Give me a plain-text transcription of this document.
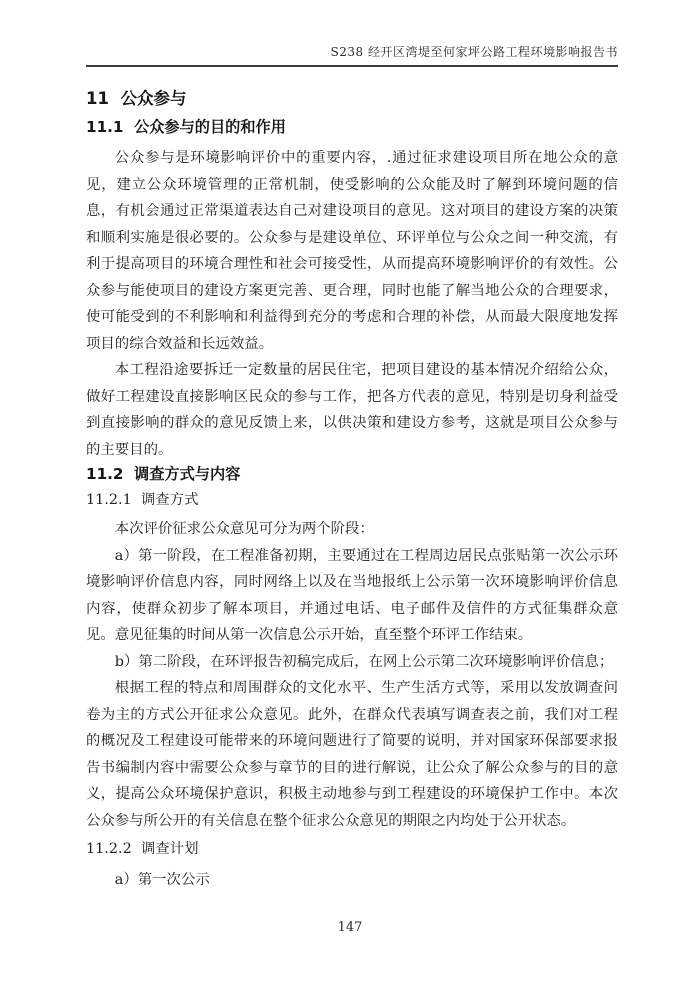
S238 经开区湾堤至何家坪公路工程环境影响报告书
11  公众参与
11.1  公众参与的目的和作用

公众参与是环境影响评价中的重要内容，.通过征求建设项目所在地公众的意见，建立公众环境管理的正常机制，使受影响的公众能及时了解到环境问题的信息，有机会通过正常渠道表达自己对建设项目的意见。这对项目的建设方案的决策和顺利实施是很必要的。公众参与是建设单位、环评单位与公众之间一种交流，有利于提高项目的环境合理性和社会可接受性，从而提高环境影响评价的有效性。公众参与能使项目的建设方案更完善、更合理，同时也能了解当地公众的合理要求，使可能受到的不利影响和利益得到充分的考虑和合理的补偿，从而最大限度地发挥项目的综合效益和长远效益。

本工程沿途要拆迁一定数量的居民住宅，把项目建设的基本情况介绍给公众，做好工程建设直接影响区民众的参与工作，把各方代表的意见，特别是切身利益受到直接影响的群众的意见反馈上来，以供决策和建设方参考，这就是项目公众参与的主要目的。

11.2  调查方式与内容
11.2.1  调查方式

本次评价征求公众意见可分为两个阶段：

a）第一阶段，在工程准备初期，主要通过在工程周边居民点张贴第一次公示环境影响评价信息内容，同时网络上以及在当地报纸上公示第一次环境影响评价信息内容，使群众初步了解本项目，并通过电话、电子邮件及信件的方式征集群众意见。意见征集的时间从第一次信息公示开始，直至整个环评工作结束。

b）第二阶段，在环评报告初稿完成后，在网上公示第二次环境影响评价信息；

根据工程的特点和周围群众的文化水平、生产生活方式等，采用以发放调查问卷为主的方式公开征求公众意见。此外，在群众代表填写调查表之前，我们对工程的概况及工程建设可能带来的环境问题进行了简要的说明，并对国家环保部要求报告书编制内容中需要公众参与章节的目的进行解说，让公众了解公众参与的目的意义，提高公众环境保护意识，积极主动地参与到工程建设的环境保护工作中。本次公众参与所公开的有关信息在整个征求公众意见的期限之内均处于公开状态。

11.2.2  调查计划

a）第一次公示

147
